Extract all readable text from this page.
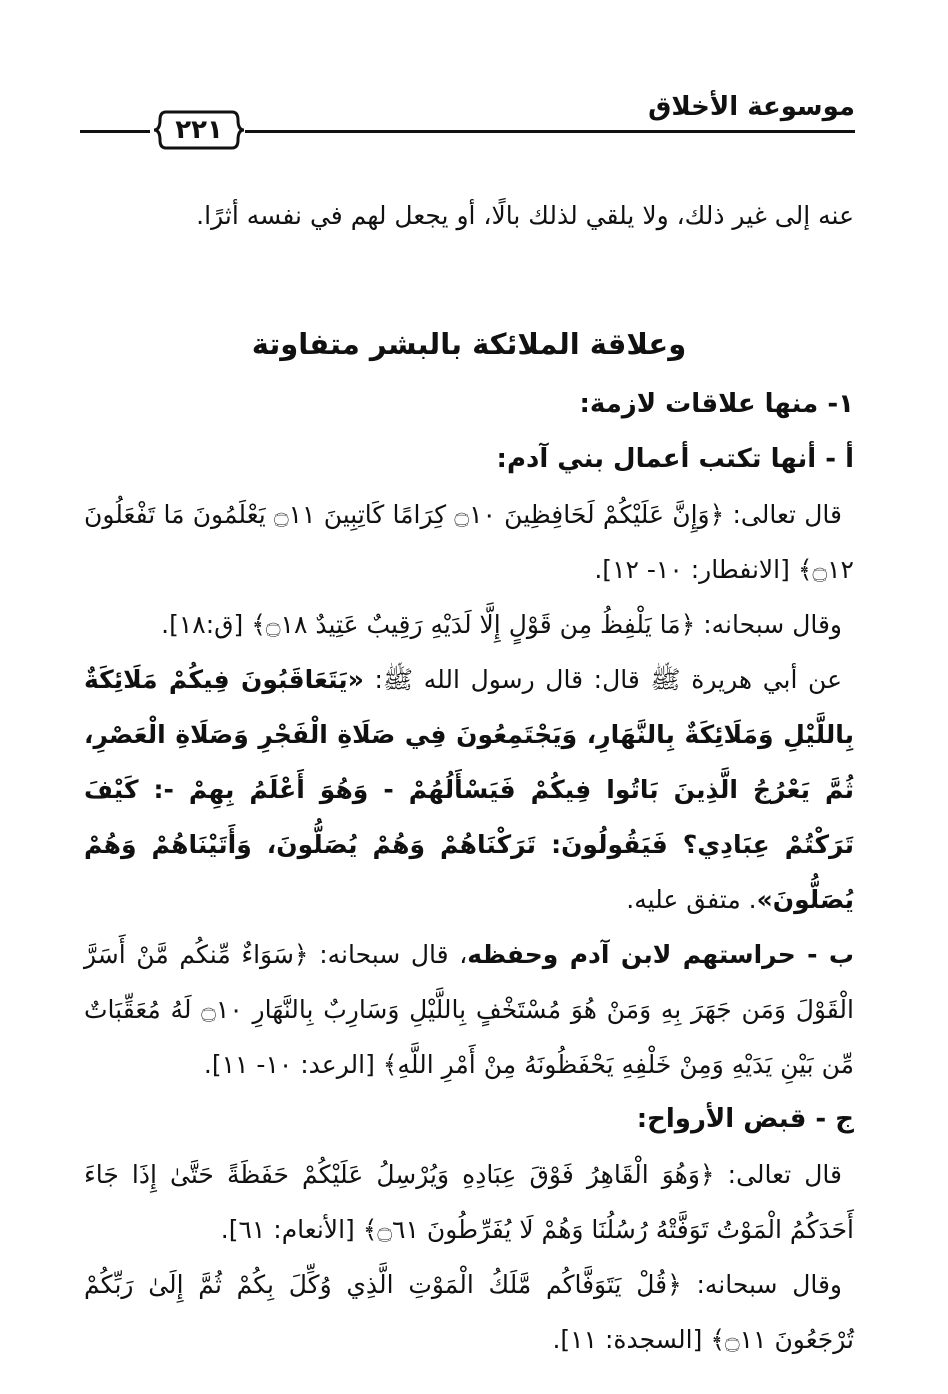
موسوعة الأخلاق
٢٢١

عنه إلى غير ذلك، ولا يلقي لذلك بالًا، أو يجعل لهم في نفسه أثرًا.

وعلاقة الملائكة بالبشر متفاوتة

١- منها علاقات لازمة:

أ - أنها تكتب أعمال بني آدم:

قال تعالى: ﴿وَإِنَّ عَلَيْكُمْ لَحَافِظِينَ ۝١٠ كِرَامًا كَاتِبِينَ ۝١١ يَعْلَمُونَ مَا تَفْعَلُونَ ۝١٢﴾ [الانفطار: ١٠- ١٢].

وقال سبحانه: ﴿مَا يَلْفِظُ مِن قَوْلٍ إِلَّا لَدَيْهِ رَقِيبٌ عَتِيدٌ ۝١٨﴾ [ق:١٨].

عن أبي هريرة ﷺ قال: قال رسول الله ﷺ: «يَتَعَاقَبُونَ فِيكُمْ مَلَائِكَةٌ بِاللَّيْلِ وَمَلَائِكَةٌ بِالنَّهَارِ، وَيَجْتَمِعُونَ فِي صَلَاةِ الْفَجْرِ وَصَلَاةِ الْعَصْرِ، ثُمَّ يَعْرُجُ الَّذِينَ بَاتُوا فِيكُمْ فَيَسْأَلُهُمْ - وَهُوَ أَعْلَمُ بِهِمْ -: كَيْفَ تَرَكْتُمْ عِبَادِي؟ فَيَقُولُونَ: تَرَكْنَاهُمْ وَهُمْ يُصَلُّونَ، وَأَتَيْنَاهُمْ وَهُمْ يُصَلُّونَ». متفق عليه.

ب - حراستهم لابن آدم وحفظه، قال سبحانه: ﴿سَوَاءٌ مِّنكُم مَّنْ أَسَرَّ الْقَوْلَ وَمَن جَهَرَ بِهِ وَمَنْ هُوَ مُسْتَخْفٍ بِاللَّيْلِ وَسَارِبٌ بِالنَّهَارِ ۝١٠ لَهُ مُعَقِّبَاتٌ مِّن بَيْنِ يَدَيْهِ وَمِنْ خَلْفِهِ يَحْفَظُونَهُ مِنْ أَمْرِ اللَّهِ﴾ [الرعد: ١٠- ١١].

ج - قبض الأرواح:

قال تعالى: ﴿وَهُوَ الْقَاهِرُ فَوْقَ عِبَادِهِ وَيُرْسِلُ عَلَيْكُمْ حَفَظَةً حَتَّىٰ إِذَا جَاءَ أَحَدَكُمُ الْمَوْتُ تَوَفَّتْهُ رُسُلُنَا وَهُمْ لَا يُفَرِّطُونَ ۝٦١﴾ [الأنعام: ٦١].

وقال سبحانه: ﴿قُلْ يَتَوَفَّاكُم مَّلَكُ الْمَوْتِ الَّذِي وُكِّلَ بِكُمْ ثُمَّ إِلَىٰ رَبِّكُمْ تُرْجَعُونَ ۝١١﴾ [السجدة: ١١].
